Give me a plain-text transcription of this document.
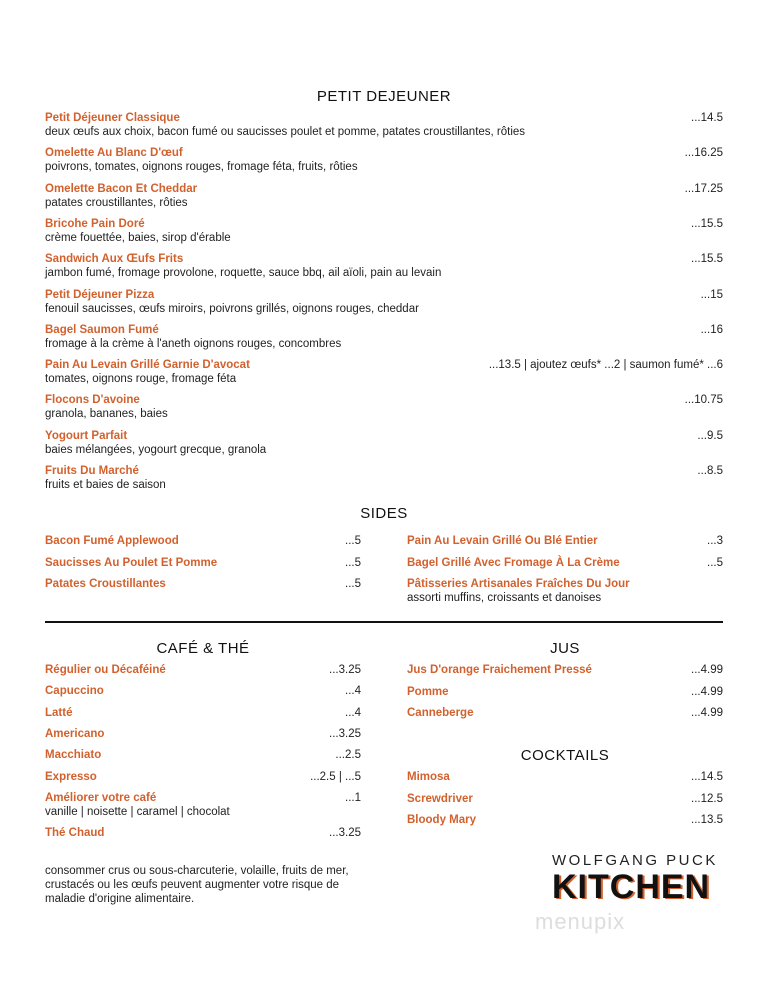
PETIT DEJEUNER
Petit Déjeuner Classique
deux œufs aux choix, bacon fumé ou saucisses poulet et pomme, patates croustillantes, rôties
...14.5
Omelette Au Blanc D'œuf
poivrons, tomates, oignons rouges, fromage féta, fruits, rôties
...16.25
Omelette Bacon Et Cheddar
patates croustillantes, rôties
...17.25
Bricohe Pain Doré
crème fouettée, baies, sirop d'érable
...15.5
Sandwich Aux Œufs Frits
jambon fumé, fromage provolone, roquette, sauce bbq, ail aïoli, pain au levain
...15.5
Petit Déjeuner Pizza
fenouil saucisses, œufs miroirs, poivrons grillés, oignons rouges, cheddar
...15
Bagel Saumon Fumé
fromage à la crème à l'aneth oignons rouges, concombres
...16
Pain Au Levain Grillé Garnie D'avocat
tomates, oignons rouge, fromage féta
...13.5 | ajoutez œufs* ...2 | saumon fumé* ...6
Flocons D'avoine
granola, bananes, baies
...10.75
Yogourt Parfait
baies mélangées, yogourt grecque, granola
...9.5
Fruits Du Marché
fruits et baies de saison
...8.5
SIDES
Bacon Fumé Applewood	...5
Saucisses Au Poulet Et Pomme	...5
Patates Croustillantes	...5
Pain Au Levain Grillé Ou Blé Entier	...3
Bagel Grillé Avec Fromage À La Crème	...5
Pâtisseries Artisanales Fraîches Du Jour
assorti muffins, croissants et danoises
CAFÉ & THÉ	JUS
COCKTAILS
Régulier ou Décaféiné	...3.25
Capuccino	...4
Latté	...4
Americano	...3.25
Macchiato	...2.5
Expresso	...2.5 | ...5
Améliorer votre café
vanille | noisette | caramel | chocolat
...1
Thé Chaud	...3.25
Jus D'orange Fraichement Pressé	...4.99
Pomme	...4.99
Canneberge	...4.99
Mimosa	...14.5
Screwdriver	...12.5
Bloody Mary	...13.5
consommer crus ou sous-charcuterie, volaille, fruits de mer, crustacés ou les œufs peuvent augmenter votre risque de maladie d'origine alimentaire.
WOLFGANG PUCK
KITCHEN
menupix
